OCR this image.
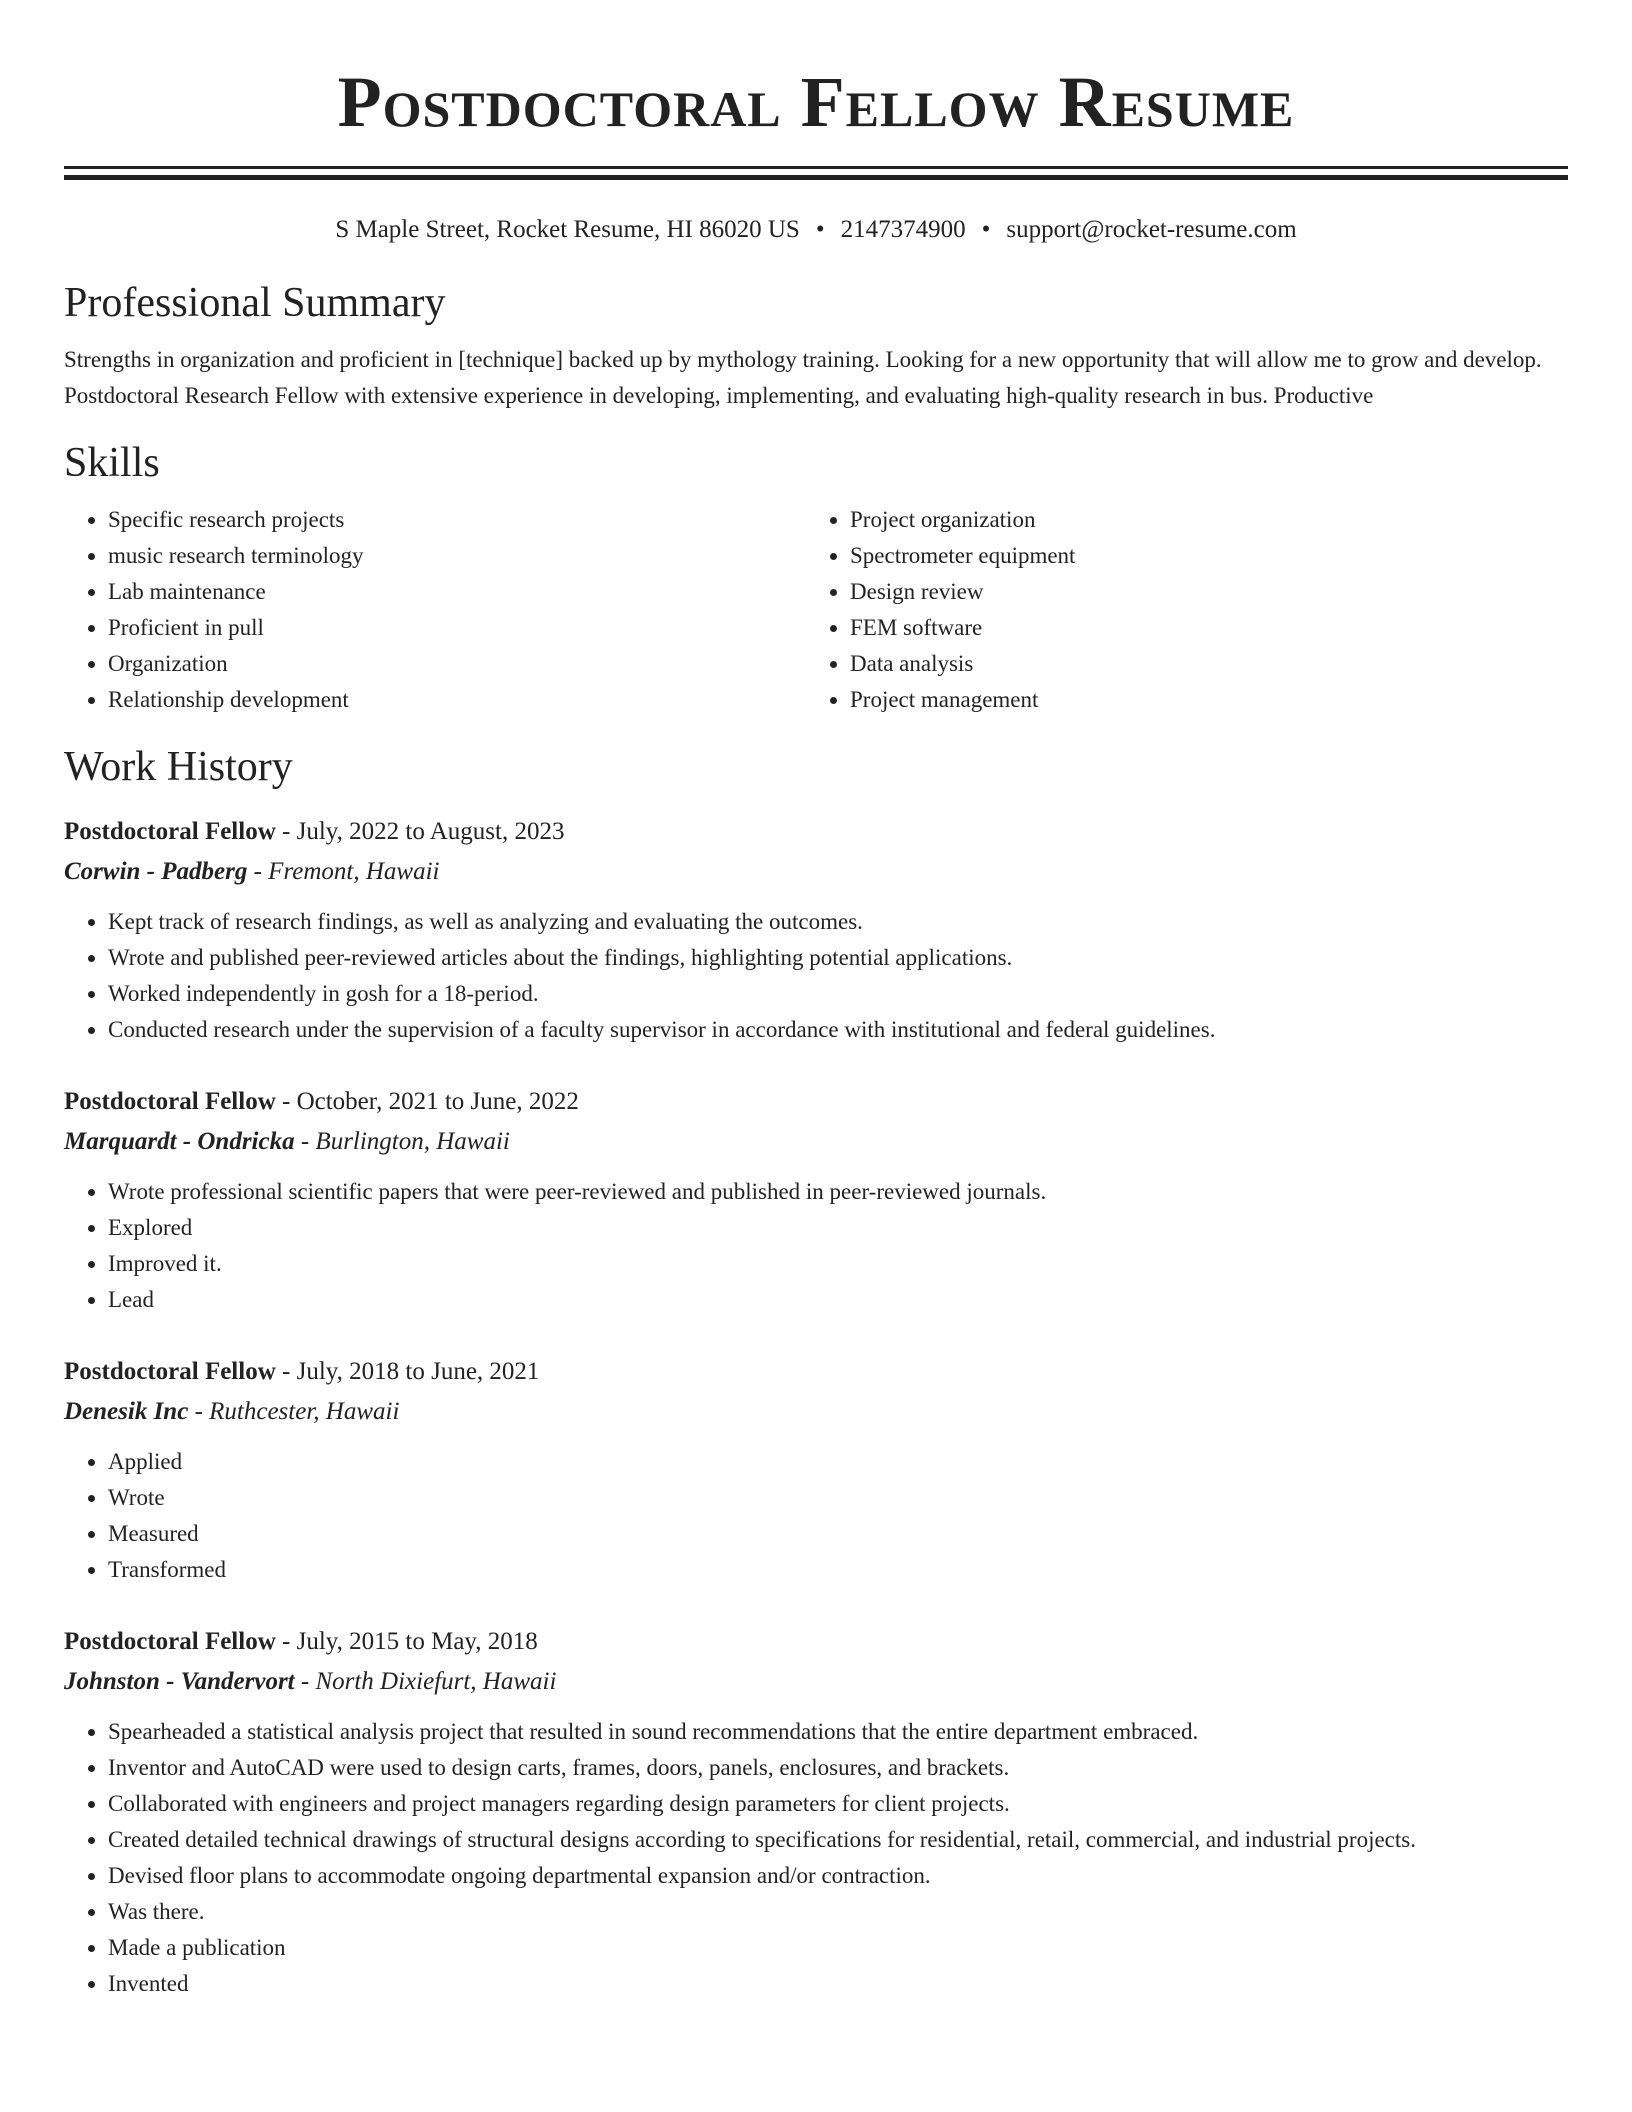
Postdoctoral Fellow Resume
S Maple Street, Rocket Resume, HI 86020 US • 2147374900 • support@rocket-resume.com
Professional Summary
Strengths in organization and proficient in [technique] backed up by mythology training. Looking for a new opportunity that will allow me to grow and develop. Postdoctoral Research Fellow with extensive experience in developing, implementing, and evaluating high-quality research in bus. Productive
Skills
• Specific research projects
• music research terminology
• Lab maintenance
• Proficient in pull
• Organization
• Relationship development
• Project organization
• Spectrometer equipment
• Design review
• FEM software
• Data analysis
• Project management
Work History
Postdoctoral Fellow - July, 2022 to August, 2023
Corwin - Padberg - Fremont, Hawaii
• Kept track of research findings, as well as analyzing and evaluating the outcomes.
• Wrote and published peer-reviewed articles about the findings, highlighting potential applications.
• Worked independently in gosh for a 18-period.
• Conducted research under the supervision of a faculty supervisor in accordance with institutional and federal guidelines.
Postdoctoral Fellow - October, 2021 to June, 2022
Marquardt - Ondricka - Burlington, Hawaii
• Wrote professional scientific papers that were peer-reviewed and published in peer-reviewed journals.
• Explored
• Improved it.
• Lead
Postdoctoral Fellow - July, 2018 to June, 2021
Denesik Inc - Ruthcester, Hawaii
• Applied
• Wrote
• Measured
• Transformed
Postdoctoral Fellow - July, 2015 to May, 2018
Johnston - Vandervort - North Dixiefurt, Hawaii
• Spearheaded a statistical analysis project that resulted in sound recommendations that the entire department embraced.
• Inventor and AutoCAD were used to design carts, frames, doors, panels, enclosures, and brackets.
• Collaborated with engineers and project managers regarding design parameters for client projects.
• Created detailed technical drawings of structural designs according to specifications for residential, retail, commercial, and industrial projects.
• Devised floor plans to accommodate ongoing departmental expansion and/or contraction.
• Was there.
• Made a publication
• Invented
